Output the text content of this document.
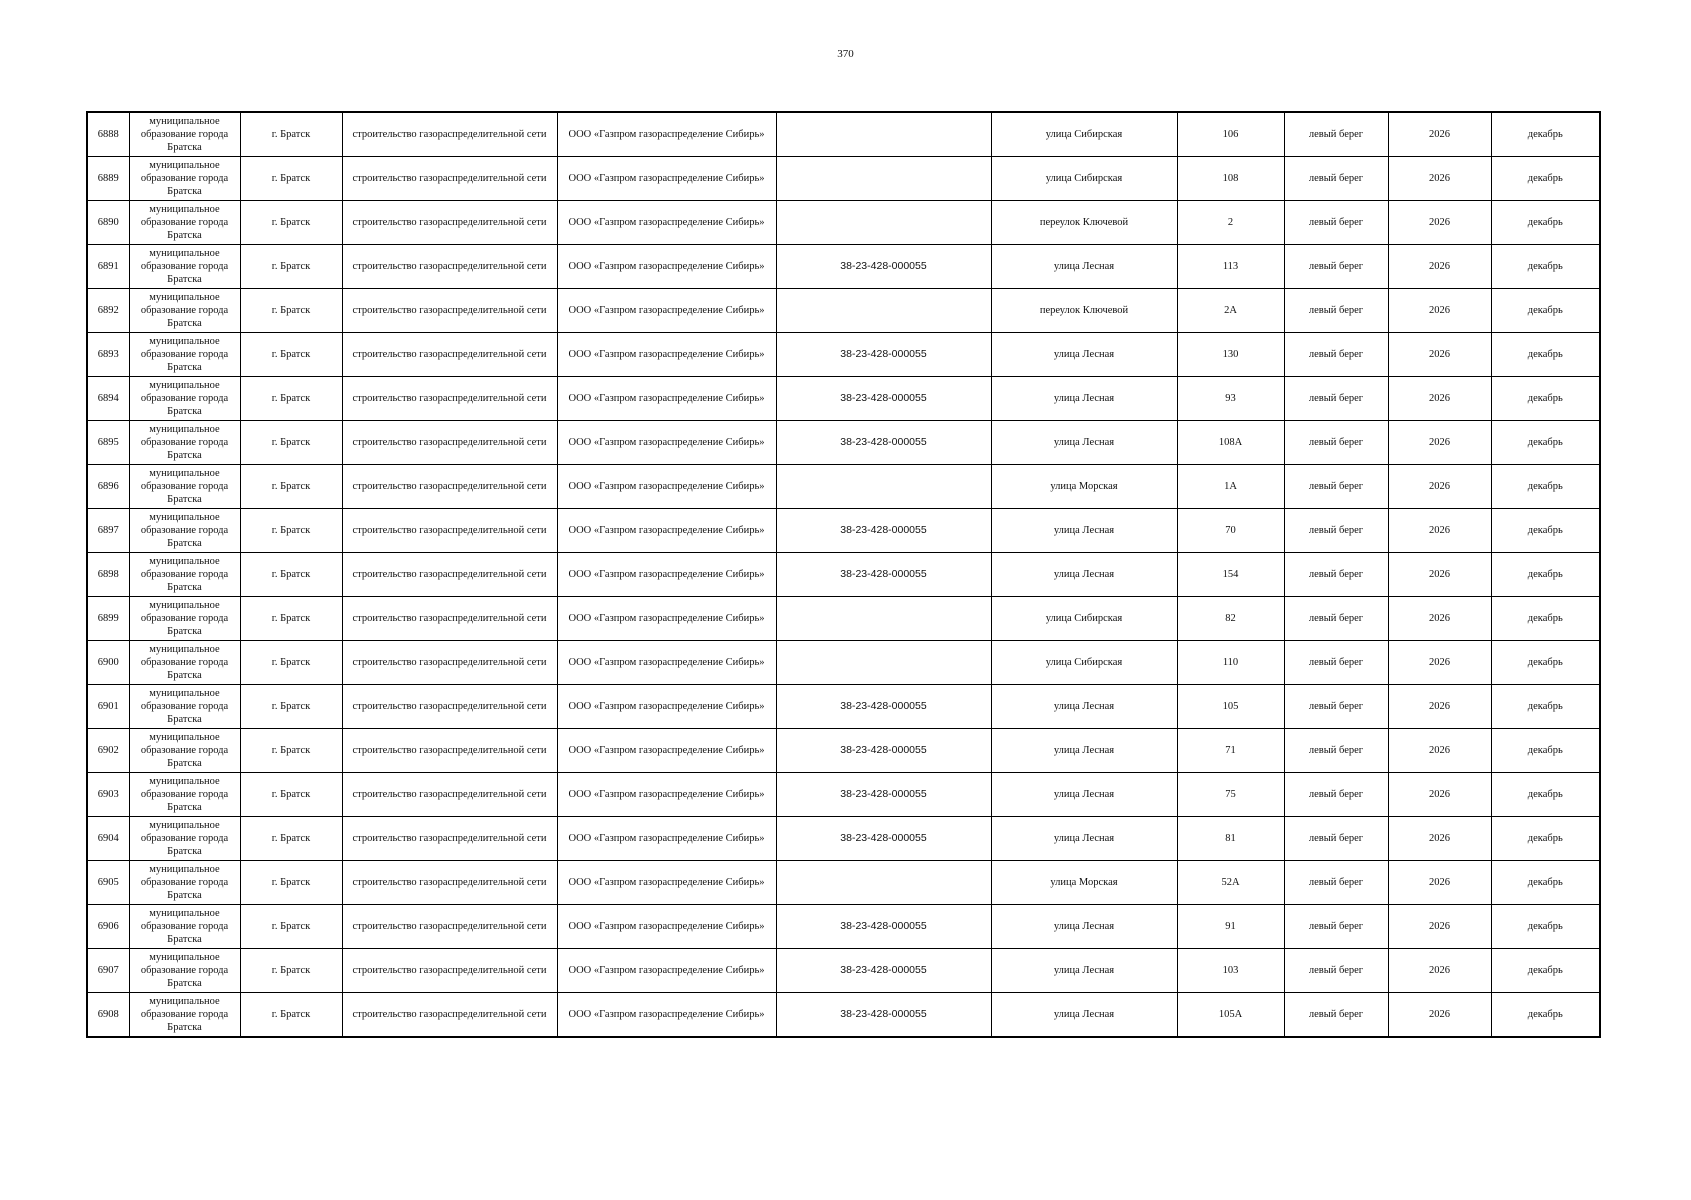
370
6888	муниципальное образование города Братска	г. Братск	строительство газораспределительной сети	ООО «Газпром газораспределение Сибирь»		улица Сибирская	106	левый берег	2026	декабрь
6889	муниципальное образование города Братска	г. Братск	строительство газораспределительной сети	ООО «Газпром газораспределение Сибирь»		улица Сибирская	108	левый берег	2026	декабрь
6890	муниципальное образование города Братска	г. Братск	строительство газораспределительной сети	ООО «Газпром газораспределение Сибирь»		переулок Ключевой	2	левый берег	2026	декабрь
6891	муниципальное образование города Братска	г. Братск	строительство газораспределительной сети	ООО «Газпром газораспределение Сибирь»	38-23-428-000055	улица Лесная	113	левый берег	2026	декабрь
6892	муниципальное образование города Братска	г. Братск	строительство газораспределительной сети	ООО «Газпром газораспределение Сибирь»		переулок Ключевой	2А	левый берег	2026	декабрь
6893	муниципальное образование города Братска	г. Братск	строительство газораспределительной сети	ООО «Газпром газораспределение Сибирь»	38-23-428-000055	улица Лесная	130	левый берег	2026	декабрь
6894	муниципальное образование города Братска	г. Братск	строительство газораспределительной сети	ООО «Газпром газораспределение Сибирь»	38-23-428-000055	улица Лесная	93	левый берег	2026	декабрь
6895	муниципальное образование города Братска	г. Братск	строительство газораспределительной сети	ООО «Газпром газораспределение Сибирь»	38-23-428-000055	улица Лесная	108А	левый берег	2026	декабрь
6896	муниципальное образование города Братска	г. Братск	строительство газораспределительной сети	ООО «Газпром газораспределение Сибирь»		улица Морская	1А	левый берег	2026	декабрь
6897	муниципальное образование города Братска	г. Братск	строительство газораспределительной сети	ООО «Газпром газораспределение Сибирь»	38-23-428-000055	улица Лесная	70	левый берег	2026	декабрь
6898	муниципальное образование города Братска	г. Братск	строительство газораспределительной сети	ООО «Газпром газораспределение Сибирь»	38-23-428-000055	улица Лесная	154	левый берег	2026	декабрь
6899	муниципальное образование города Братска	г. Братск	строительство газораспределительной сети	ООО «Газпром газораспределение Сибирь»		улица Сибирская	82	левый берег	2026	декабрь
6900	муниципальное образование города Братска	г. Братск	строительство газораспределительной сети	ООО «Газпром газораспределение Сибирь»		улица Сибирская	110	левый берег	2026	декабрь
6901	муниципальное образование города Братска	г. Братск	строительство газораспределительной сети	ООО «Газпром газораспределение Сибирь»	38-23-428-000055	улица Лесная	105	левый берег	2026	декабрь
6902	муниципальное образование города Братска	г. Братск	строительство газораспределительной сети	ООО «Газпром газораспределение Сибирь»	38-23-428-000055	улица Лесная	71	левый берег	2026	декабрь
6903	муниципальное образование города Братска	г. Братск	строительство газораспределительной сети	ООО «Газпром газораспределение Сибирь»	38-23-428-000055	улица Лесная	75	левый берег	2026	декабрь
6904	муниципальное образование города Братска	г. Братск	строительство газораспределительной сети	ООО «Газпром газораспределение Сибирь»	38-23-428-000055	улица Лесная	81	левый берег	2026	декабрь
6905	муниципальное образование города Братска	г. Братск	строительство газораспределительной сети	ООО «Газпром газораспределение Сибирь»		улица Морская	52А	левый берег	2026	декабрь
6906	муниципальное образование города Братска	г. Братск	строительство газораспределительной сети	ООО «Газпром газораспределение Сибирь»	38-23-428-000055	улица Лесная	91	левый берег	2026	декабрь
6907	муниципальное образование города Братска	г. Братск	строительство газораспределительной сети	ООО «Газпром газораспределение Сибирь»	38-23-428-000055	улица Лесная	103	левый берег	2026	декабрь
6908	муниципальное образование города Братска	г. Братск	строительство газораспределительной сети	ООО «Газпром газораспределение Сибирь»	38-23-428-000055	улица Лесная	105А	левый берег	2026	декабрь
